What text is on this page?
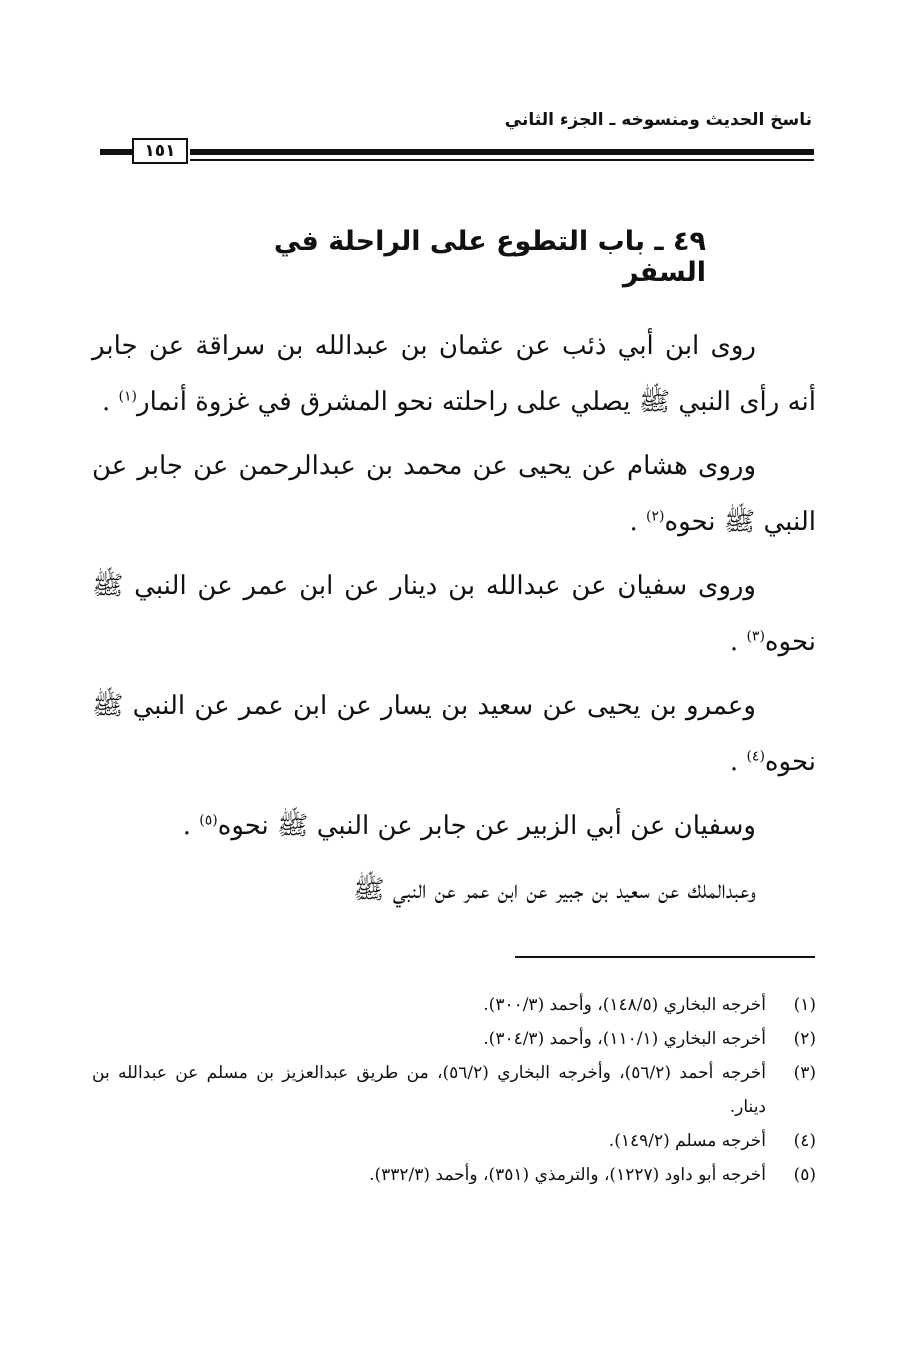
ناسخ الحديث ومنسوخه ـ الجزء الثاني
١٥١
٤٩ ـ باب التطوع على الراحلة في السفر

روى ابن أبي ذئب عن عثمان بن عبدالله بن سراقة عن جابر أنه رأى النبي ﷺ يصلي على راحلته نحو المشرق في غزوة أنمار$^{(١)}$ .

وروى هشام عن يحيى عن محمد بن عبدالرحمن عن جابر عن النبي ﷺ نحوه$^{(٢)}$ .

وروى سفيان عن عبدالله بن دينار عن ابن عمر عن النبي ﷺ نحوه$^{(٣)}$ .

وعمرو بن يحيى عن سعيد بن يسار عن ابن عمر عن النبي ﷺ نحوه$^{(٤)}$ .

وسفيان عن أبي الزبير عن جابر عن النبي ﷺ نحوه$^{(٥)}$ .

وعبدالملك عن سعيد بن جبير عن ابن عمر عن النبي ﷺ

(١)
أخرجه البخاري (١٤٨/٥)، وأحمد (٣٠٠/٣).
(٢)
أخرجه البخاري (١١٠/١)، وأحمد (٣٠٤/٣).
(٣)
أخرجه أحمد (٥٦/٢)، وأخرجه البخاري (٥٦/٢)، من طريق عبدالعزيز بن مسلم عن عبدالله بن دينار.
(٤)
أخرجه مسلم (١٤٩/٢).
(٥)
أخرجه أبو داود (١٢٢٧)، والترمذي (٣٥١)، وأحمد (٣٣٢/٣).
